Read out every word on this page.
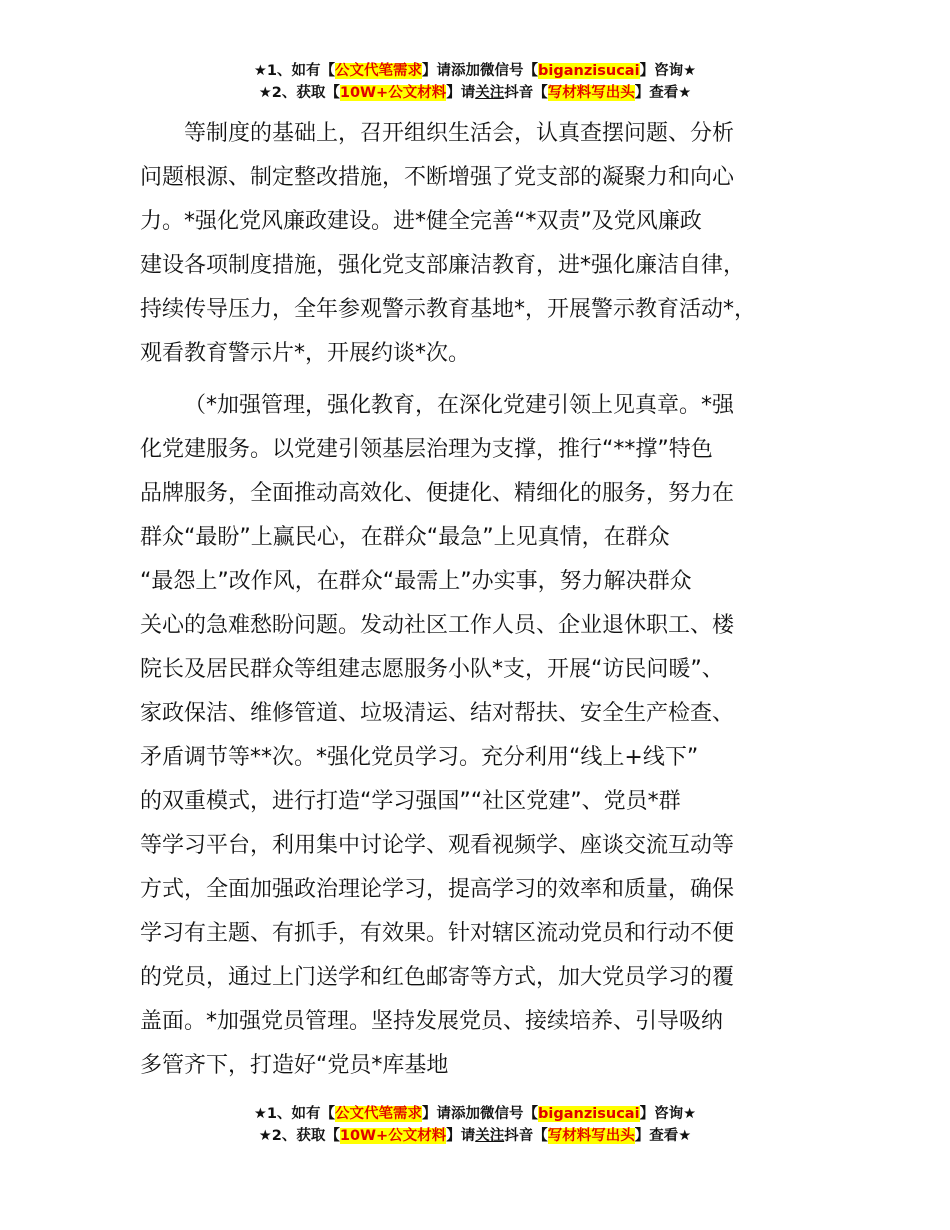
★1、如有【公文代笔需求】请添加微信号【biganzisucai】咨询★
★2、获取【10W+公文材料】请关注抖音【写材料写出头】查看★

等制度的基础上，召开组织生活会，认真查摆问题、分析

问题根源、制定整改措施，不断增强了党支部的凝聚力和向心

力。*强化党风廉政建设。进*健全完善“*双责”及党风廉政

建设各项制度措施，强化党支部廉洁教育，进*强化廉洁自律，

持续传导压力，全年参观警示教育基地*，开展警示教育活动*，

观看教育警示片*，开展约谈*次。

（*加强管理，强化教育，在深化党建引领上见真章。*强

化党建服务。以党建引领基层治理为支撑，推行“**撑”特色

品牌服务，全面推动高效化、便捷化、精细化的服务，努力在

群众“最盼”上赢民心，在群众“最急”上见真情，在群众

“最怨上”改作风，在群众“最需上”办实事，努力解决群众

关心的急难愁盼问题。发动社区工作人员、企业退休职工、楼

院长及居民群众等组建志愿服务小队*支，开展“访民问暖”、

家政保洁、维修管道、垃圾清运、结对帮扶、安全生产检查、

矛盾调节等**次。*强化党员学习。充分利用“线上+线下”

的双重模式，进行打造“学习强国”“社区党建”、党员*群

等学习平台，利用集中讨论学、观看视频学、座谈交流互动等

方式，全面加强政治理论学习，提高学习的效率和质量，确保

学习有主题、有抓手，有效果。针对辖区流动党员和行动不便

的党员，通过上门送学和红色邮寄等方式，加大党员学习的覆

盖面。*加强党员管理。坚持发展党员、接续培养、引导吸纳

多管齐下，打造好“党员*库基地

★1、如有【公文代笔需求】请添加微信号【biganzisucai】咨询★
★2、获取【10W+公文材料】请关注抖音【写材料写出头】查看★
